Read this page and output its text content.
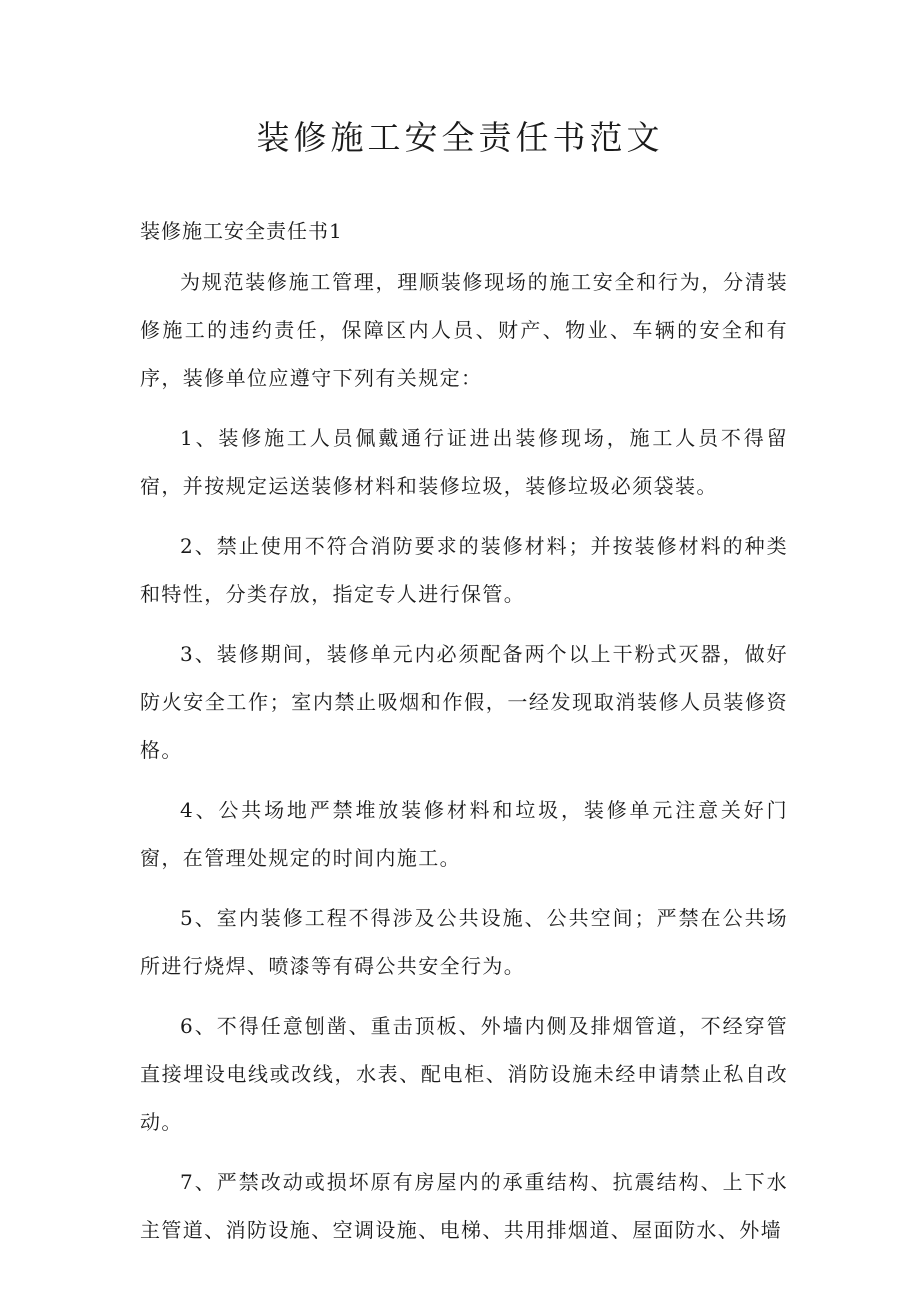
装修施工安全责任书范文
装修施工安全责任书1

为规范装修施工管理，理顺装修现场的施工安全和行为，分清装修施工的违约责任，保障区内人员、财产、物业、车辆的安全和有序，装修单位应遵守下列有关规定：

1、装修施工人员佩戴通行证进出装修现场，施工人员不得留宿，并按规定运送装修材料和装修垃圾，装修垃圾必须袋装。

2、禁止使用不符合消防要求的装修材料；并按装修材料的种类和特性，分类存放，指定专人进行保管。

3、装修期间，装修单元内必须配备两个以上干粉式灭器，做好防火安全工作；室内禁止吸烟和作假，一经发现取消装修人员装修资格。

4、公共场地严禁堆放装修材料和垃圾，装修单元注意关好门窗，在管理处规定的时间内施工。

5、室内装修工程不得涉及公共设施、公共空间；严禁在公共场所进行烧焊、喷漆等有碍公共安全行为。

6、不得任意刨凿、重击顶板、外墙内侧及排烟管道，不经穿管直接埋设电线或改线，水表、配电柜、消防设施未经申请禁止私自改动。

7、严禁改动或损坏原有房屋内的承重结构、抗震结构、上下水主管道、消防设施、空调设施、电梯、共用排烟道、屋面防水、外墙
